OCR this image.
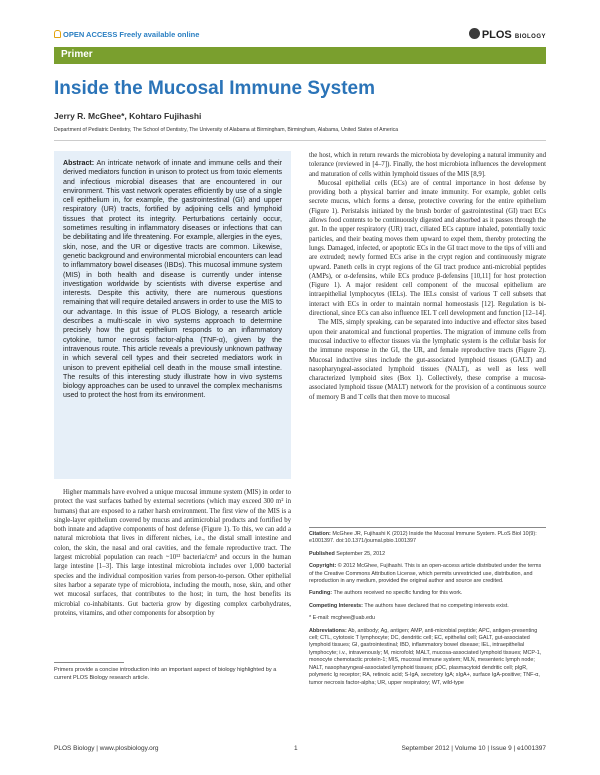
OPEN ACCESS Freely available online	PLOS BIOLOGY
Primer
Inside the Mucosal Immune System
Jerry R. McGhee*, Kohtaro Fujihashi
Department of Pediatric Dentistry, The School of Dentistry, The University of Alabama at Birmingham, Birmingham, Alabama, United States of America
Abstract: An intricate network of innate and immune cells and their derived mediators function in unison to protect us from toxic elements and infectious microbial diseases that are encountered in our environment. This vast network operates efficiently by use of a single cell epithelium in, for example, the gastrointestinal (GI) and upper respiratory (UR) tracts, fortified by adjoining cells and lymphoid tissues that protect its integrity. Perturbations certainly occur, sometimes resulting in inflammatory diseases or infections that can be debilitating and life threatening. For example, allergies in the eyes, skin, nose, and the UR or digestive tracts are common. Likewise, genetic background and environmental microbial encounters can lead to inflammatory bowel diseases (IBDs). This mucosal immune system (MIS) in both health and disease is currently under intense investigation worldwide by scientists with diverse expertise and interests. Despite this activity, there are numerous questions remaining that will require detailed answers in order to use the MIS to our advantage. In this issue of PLOS Biology, a research article describes a multi-scale in vivo systems approach to determine precisely how the gut epithelium responds to an inflammatory cytokine, tumor necrosis factor-alpha (TNF-α), given by the intravenous route. This article reveals a previously unknown pathway in which several cell types and their secreted mediators work in unison to prevent epithelial cell death in the mouse small intestine. The results of this interesting study illustrate how in vivo systems biology approaches can be used to unravel the complex mechanisms used to protect the host from its environment.

Higher mammals have evolved a unique mucosal immune system (MIS) in order to protect the vast surfaces bathed by external secretions (which may exceed 300 m² in humans) that are exposed to a rather harsh environment. The first view of the MIS is a single-layer epithelium covered by mucus and antimicrobial products and fortified by both innate and adaptive components of host defense (Figure 1). To this, we can add a natural microbiota that lives in different niches, i.e., the distal small intestine and colon, the skin, the nasal and oral cavities, and the female reproductive tract. The largest microbial population can reach ~10¹² bacteria/cm³ and occurs in the human large intestine [1–3]. This large intestinal microbiota includes over 1,000 bacterial species and the individual composition varies from person-to-person. Other epithelial sites harbor a separate type of microbiota, including the mouth, nose, skin, and other wet mucosal surfaces, that contributes to the host; in turn, the host benefits its microbial co-inhabitants. Gut bacteria grow by digesting complex carbohydrates, proteins, vitamins, and other components for absorption by

Primers provide a concise introduction into an important aspect of biology highlighted by a current PLOS Biology research article.

the host, which in return rewards the microbiota by developing a natural immunity and tolerance (reviewed in [4–7]). Finally, the host microbiota influences the development and maturation of cells within lymphoid tissues of the MIS [8,9].

Mucosal epithelial cells (ECs) are of central importance in host defense by providing both a physical barrier and innate immunity. For example, goblet cells secrete mucus, which forms a dense, protective covering for the entire epithelium (Figure 1). Peristalsis initiated by the brush border of gastrointestinal (GI) tract ECs allows food contents to be continuously digested and absorbed as it passes through the gut. In the upper respiratory (UR) tract, ciliated ECs capture inhaled, potentially toxic particles, and their beating moves them upward to expel them, thereby protecting the lungs. Damaged, infected, or apoptotic ECs in the GI tract move to the tips of villi and are extruded; newly formed ECs arise in the crypt region and continuously migrate upward. Paneth cells in crypt regions of the GI tract produce anti-microbial peptides (AMPs), or α-defensins, while ECs produce β-defensins [10,11] for host protection (Figure 1). A major resident cell component of the mucosal epithelium are intraepithelial lymphocytes (IELs). The IELs consist of various T cell subsets that interact with ECs in order to maintain normal homeostasis [12]. Regulation is bi-directional, since ECs can also influence IEL T cell development and function [12–14].

The MIS, simply speaking, can be separated into inductive and effector sites based upon their anatomical and functional properties. The migration of immune cells from mucosal inductive to effector tissues via the lymphatic system is the cellular basis for the immune response in the GI, the UR, and female reproductive tracts (Figure 2). Mucosal inductive sites include the gut-associated lymphoid tissues (GALT) and nasopharyngeal-associated lymphoid tissues (NALT), as well as less well characterized lymphoid sites (Box 1). Collectively, these comprise a mucosa-associated lymphoid tissue (MALT) network for the provision of a continuous source of memory B and T cells that then move to mucosal

Citation: McGhee JR, Fujihashi K (2012) Inside the Mucosal Immune System. PLoS Biol 10(9): e1001397. doi:10.1371/journal.pbio.1001397
Published September 25, 2012
Copyright: © 2012 McGhee, Fujihashi. This is an open-access article distributed under the terms of the Creative Commons Attribution License, which permits unrestricted use, distribution, and reproduction in any medium, provided the original author and source are credited.
Funding: The authors received no specific funding for this work.
Competing Interests: The authors have declared that no competing interests exist.
* E-mail: mcghee@uab.edu
Abbreviations: Ab, antibody; Ag, antigen; AMP, anti-microbial peptide; APC, antigen-presenting cell; CTL, cytotoxic T lymphocyte; DC, dendritic cell; EC, epithelial cell; GALT, gut-associated lymphoid tissues; GI, gastrointestinal; IBD, inflammatory bowel disease; IEL, intraepithelial lymphocyte; i.v., intravenously; M, microfold; MALT, mucosa-associated lymphoid tissues; MCP-1, monocyte chemotactic protein-1; MIS, mucosal immune system; MLN, mesenteric lymph node; NALT, nasopharyngeal-associated lymphoid tissues; pDC, plasmacytoid dendritic cell; pIgR, polymeric Ig receptor; RA, retinoic acid; S-IgA, secretory IgA; sIgA+, surface IgA-positive; TNF-α, tumor necrosis factor-alpha; UR, upper respiratory; WT, wild-type
PLOS Biology | www.plosbiology.org	1	September 2012 | Volume 10 | Issue 9 | e1001397
